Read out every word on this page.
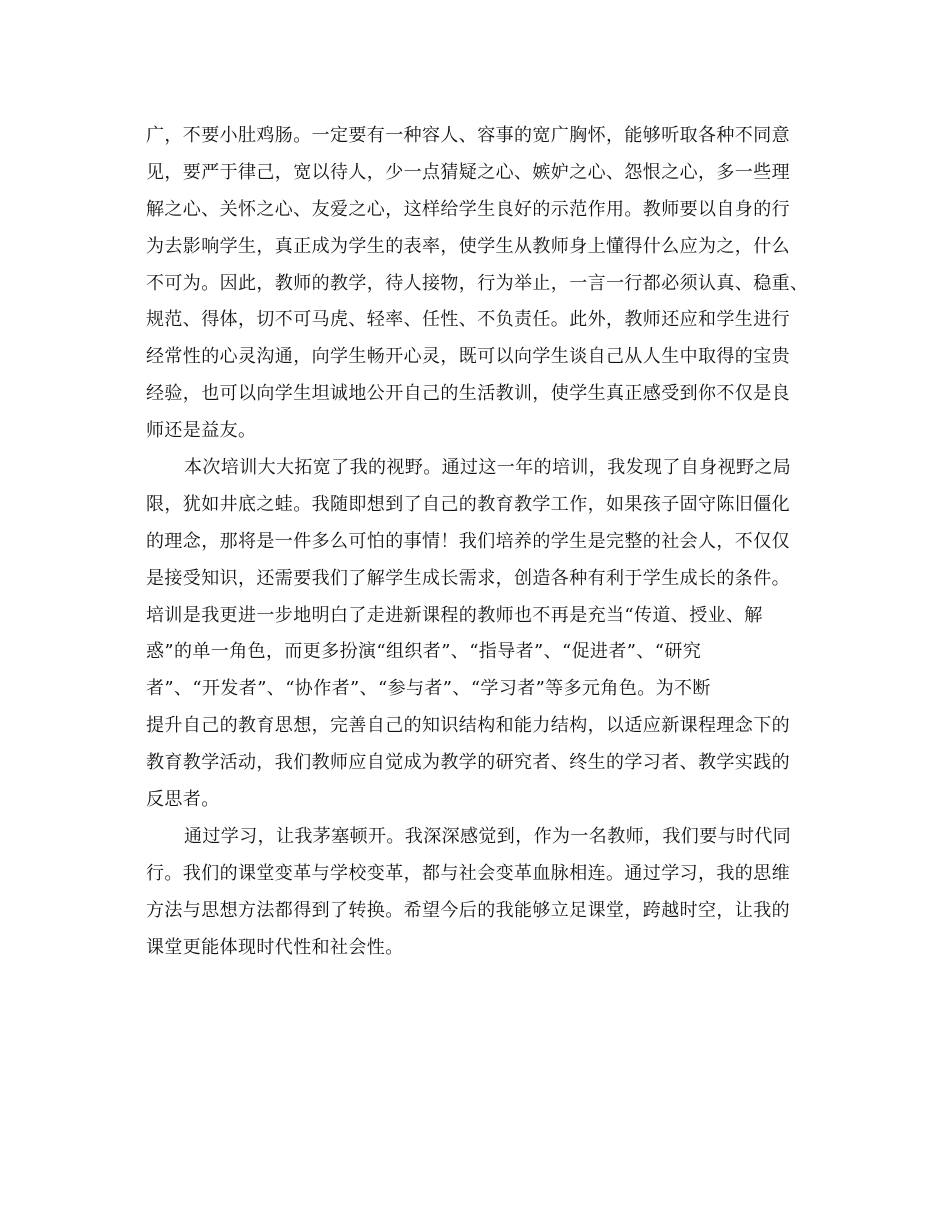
广，不要小肚鸡肠。一定要有一种容人、容事的宽广胸怀，能够听取各种不同意
见，要严于律己，宽以待人，少一点猜疑之心、嫉妒之心、怨恨之心，多一些理
解之心、关怀之心、友爱之心，这样给学生良好的示范作用。教师要以自身的行
为去影响学生，真正成为学生的表率，使学生从教师身上懂得什么应为之，什么
不可为。因此，教师的教学，待人接物，行为举止，一言一行都必须认真、稳重、
规范、得体，切不可马虎、轻率、任性、不负责任。此外，教师还应和学生进行
经常性的心灵沟通，向学生畅开心灵，既可以向学生谈自己从人生中取得的宝贵
经验，也可以向学生坦诚地公开自己的生活教训，使学生真正感受到你不仅是良
师还是益友。
本次培训大大拓宽了我的视野。通过这一年的培训，我发现了自身视野之局
限，犹如井底之蛙。我随即想到了自己的教育教学工作，如果孩子固守陈旧僵化
的理念，那将是一件多么可怕的事情！我们培养的学生是完整的社会人，不仅仅
是接受知识，还需要我们了解学生成长需求，创造各种有利于学生成长的条件。
培训是我更进一步地明白了走进新课程的教师也不再是充当“传道、授业、解
惑”的单一角色，而更多扮演“组织者”、“指导者”、“促进者”、“研究
者”、“开发者”、“协作者”、“参与者”、“学习者”等多元角色。为不断
提升自己的教育思想，完善自己的知识结构和能力结构，以适应新课程理念下的
教育教学活动，我们教师应自觉成为教学的研究者、终生的学习者、教学实践的
反思者。
通过学习，让我茅塞顿开。我深深感觉到，作为一名教师，我们要与时代同
行。我们的课堂变革与学校变革，都与社会变革血脉相连。通过学习，我的思维
方法与思想方法都得到了转换。希望今后的我能够立足课堂，跨越时空，让我的
课堂更能体现时代性和社会性。
